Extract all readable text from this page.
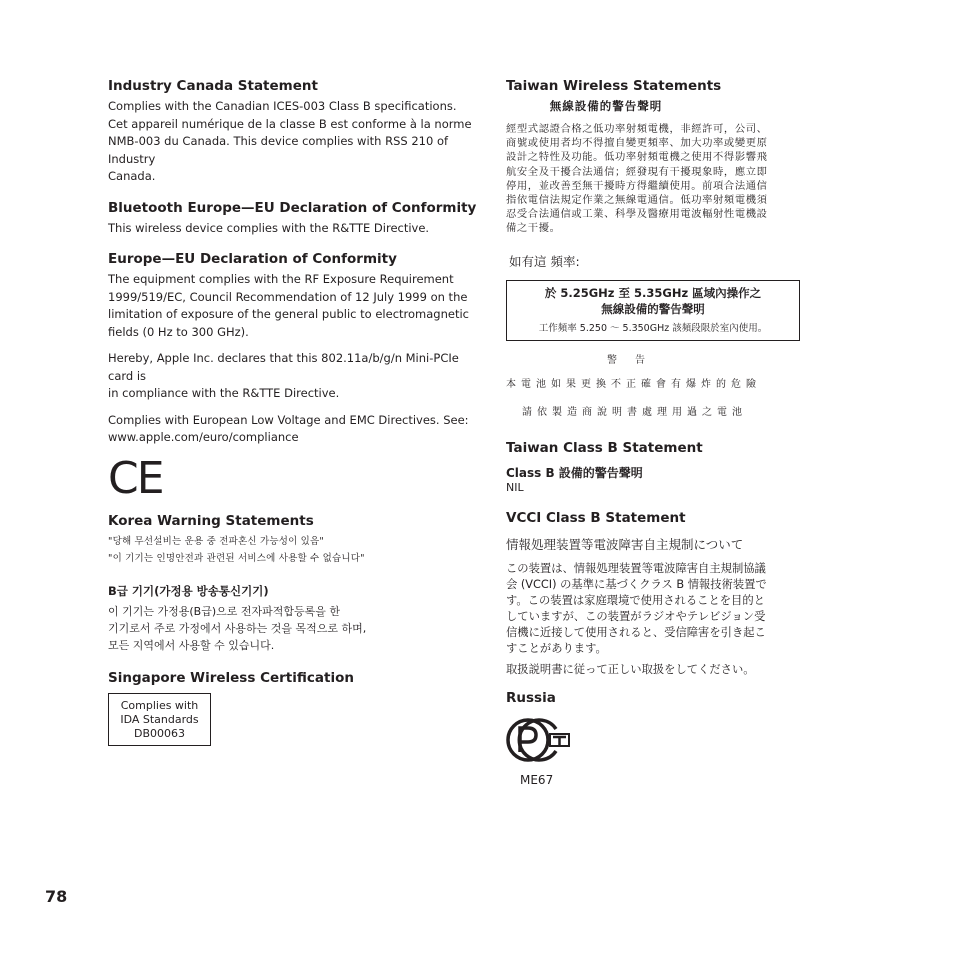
Industry Canada Statement

Complies with the Canadian ICES-003 Class B specifications.

Cet appareil numérique de la classe B est conforme à la norme

NMB-003 du Canada. This device complies with RSS 210 of Industry

Canada.

Bluetooth Europe—EU Declaration of Conformity

This wireless device complies with the R&TTE Directive.

Europe—EU Declaration of Conformity

The equipment complies with the RF Exposure Requirement

1999/519/EC, Council Recommendation of 12 July 1999 on the

limitation of exposure of the general public to electromagnetic

fields (0 Hz to 300 GHz).

Hereby, Apple Inc. declares that this 802.11a/b/g/n Mini-PCIe card is

in compliance with the R&TTE Directive.

Complies with European Low Voltage and EMC Directives. See:

www.apple.com/euro/compliance

CE
Korea Warning Statements

"당해 무선설비는 운용 중 전파혼신 가능성이 있음"

"이 기기는 인명안전과 관련된 서비스에 사용할 수 없습니다"

B급 기기(가정용 방송통신기기)

이 기기는 가정용(B급)으로 전자파적합등록을 한

기기로서 주로 가정에서 사용하는 것을 목적으로 하며,

모든 지역에서 사용할 수 있습니다.

Singapore Wireless Certification
Complies with
IDA Standards
DB00063
Taiwan Wireless Statements
無線設備的警告聲明
經型式認證合格之低功率射頻電機，非經許可，公司、
商號或使用者均不得擅自變更頻率、加大功率或變更原
設計之特性及功能。低功率射頻電機之使用不得影響飛
航安全及干擾合法通信；經發現有干擾現象時，應立即
停用，並改善至無干擾時方得繼續使用。前項合法通信
指依電信法規定作業之無線電通信。低功率射頻電機須
忍受合法通信或工業、科學及醫療用電波輻射性電機設
備之干擾。
如有這 頻率:
於 5.25GHz 至 5.35GHz 區域內操作之
無線設備的警告聲明
工作頻率 5.250 ～ 5.350GHz 該頻段限於室內使用。
警告
本電池如果更換不正確會有爆炸的危險
請依製造商說明書處理用過之電池
Taiwan Class B Statement
Class B 設備的警告聲明
NIL
VCCI Class B Statement
情報処理装置等電波障害自主規制について
この装置は、情報処理装置等電波障害自主規制協議
会 (VCCI) の基準に基づくクラス B 情報技術装置で
す。この装置は家庭環境で使用されることを目的と
していますが、この装置がラジオやテレビジョン受
信機に近接して使用されると、受信障害を引き起こ
すことがあります。
取扱説明書に従って正しい取扱をしてください。
Russia
ME67
78
